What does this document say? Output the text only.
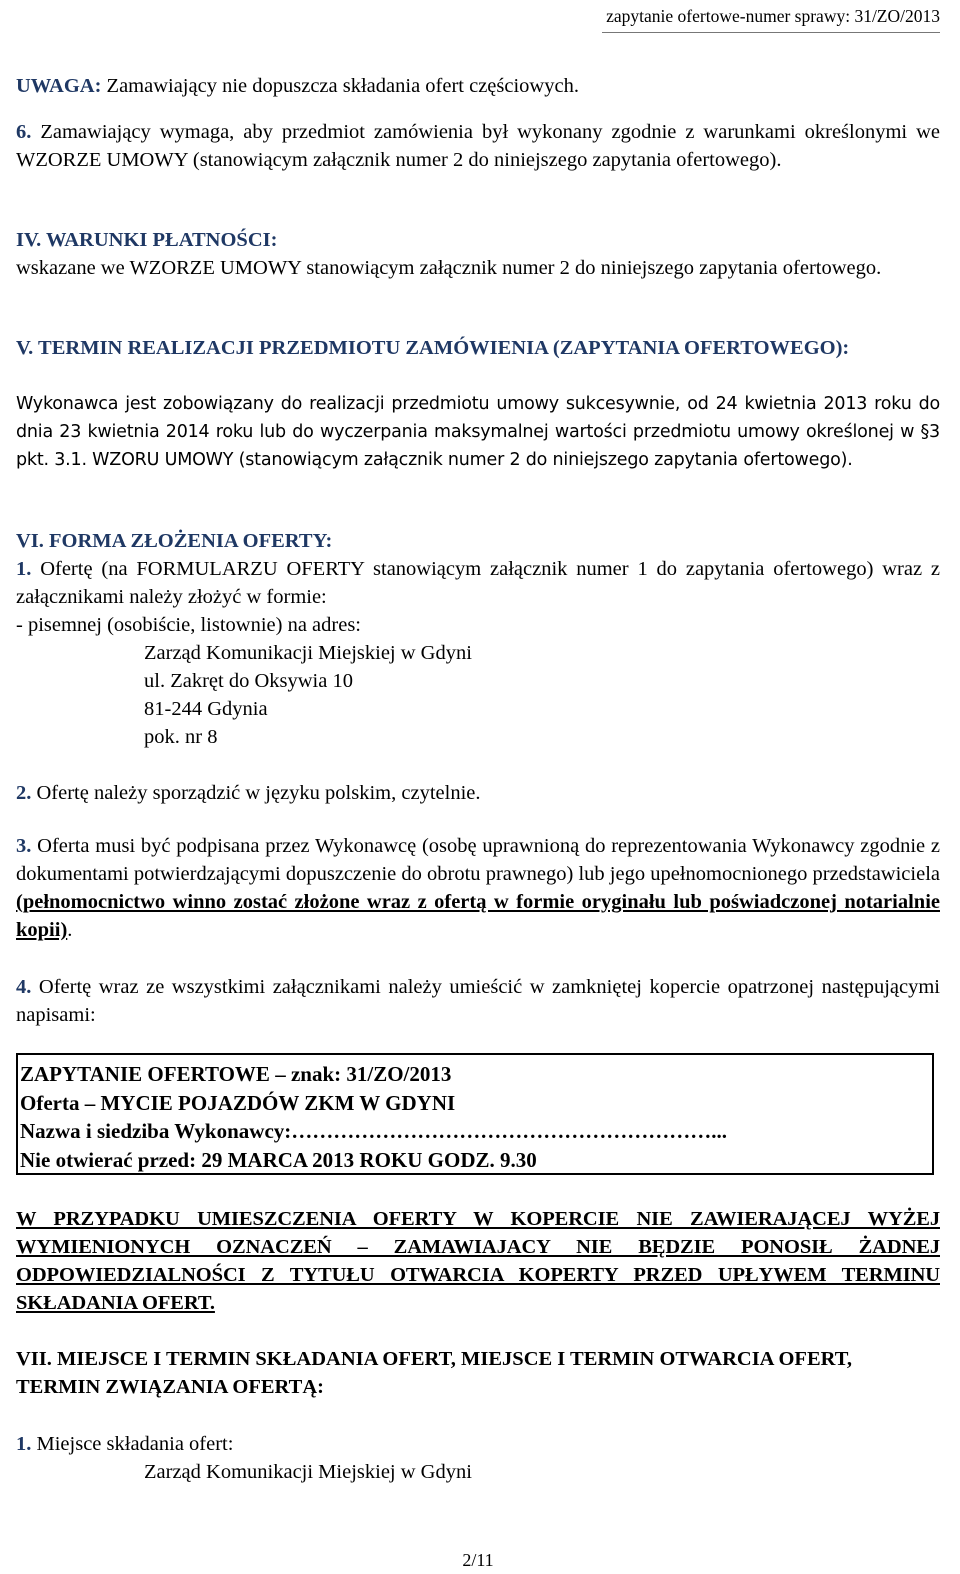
zapytanie ofertowe-numer sprawy: 31/ZO/2013

UWAGA: Zamawiający nie dopuszcza składania ofert częściowych.

6. Zamawiający wymaga, aby przedmiot zamówienia był wykonany zgodnie z warunkami określonymi we WZORZE UMOWY (stanowiącym załącznik numer 2 do niniejszego zapytania ofertowego).

IV. WARUNKI PŁATNOŚCI:

wskazane we WZORZE UMOWY stanowiącym załącznik numer 2 do niniejszego zapytania ofertowego.

V. TERMIN REALIZACJI PRZEDMIOTU ZAMÓWIENIA (ZAPYTANIA OFERTOWEGO):

Wykonawca jest zobowiązany do realizacji przedmiotu umowy sukcesywnie, od 24 kwietnia 2013 roku do dnia 23 kwietnia 2014 roku lub do wyczerpania maksymalnej wartości przedmiotu umowy określonej w §3 pkt. 3.1. WZORU UMOWY (stanowiącym załącznik numer 2 do niniejszego zapytania ofertowego).

VI. FORMA ZŁOŻENIA OFERTY:

1. Ofertę (na FORMULARZU OFERTY stanowiącym załącznik numer 1 do zapytania ofertowego) wraz z załącznikami należy złożyć w formie:

- pisemnej (osobiście, listownie) na adres:

Zarząd Komunikacji Miejskiej w Gdyni

ul. Zakręt do Oksywia 10

81-244 Gdynia

pok. nr 8

2. Ofertę należy sporządzić w języku polskim, czytelnie.

3. Oferta musi być podpisana przez Wykonawcę (osobę uprawnioną do reprezentowania Wykonawcy zgodnie z dokumentami potwierdzającymi dopuszczenie do obrotu prawnego) lub jego upełnomocnionego przedstawiciela (pełnomocnictwo winno zostać złożone wraz z ofertą w formie oryginału lub poświadczonej notarialnie kopii).

4. Ofertę wraz ze wszystkimi załącznikami należy umieścić w zamkniętej kopercie opatrzonej następującymi napisami:

ZAPYTANIE OFERTOWE – znak: 31/ZO/2013
Oferta – MYCIE POJAZDÓW ZKM W GDYNI
Nazwa i siedziba Wykonawcy:……………………………………………………...
Nie otwierać przed: 29 MARCA 2013 ROKU GODZ. 9.30

W PRZYPADKU UMIESZCZENIA OFERTY W KOPERCIE NIE ZAWIERAJĄCEJ WYŻEJ WYMIENIONYCH OZNACZEŃ – ZAMAWIAJACY NIE BĘDZIE PONOSIŁ ŻADNEJ ODPOWIEDZIALNOŚCI Z TYTUŁU OTWARCIA KOPERTY PRZED UPŁYWEM TERMINU SKŁADANIA OFERT.

VII. MIEJSCE I TERMIN SKŁADANIA OFERT, MIEJSCE I TERMIN OTWARCIA OFERT, TERMIN ZWIĄZANIA OFERTĄ:

1. Miejsce składania ofert:

Zarząd Komunikacji Miejskiej w Gdyni

2/11
